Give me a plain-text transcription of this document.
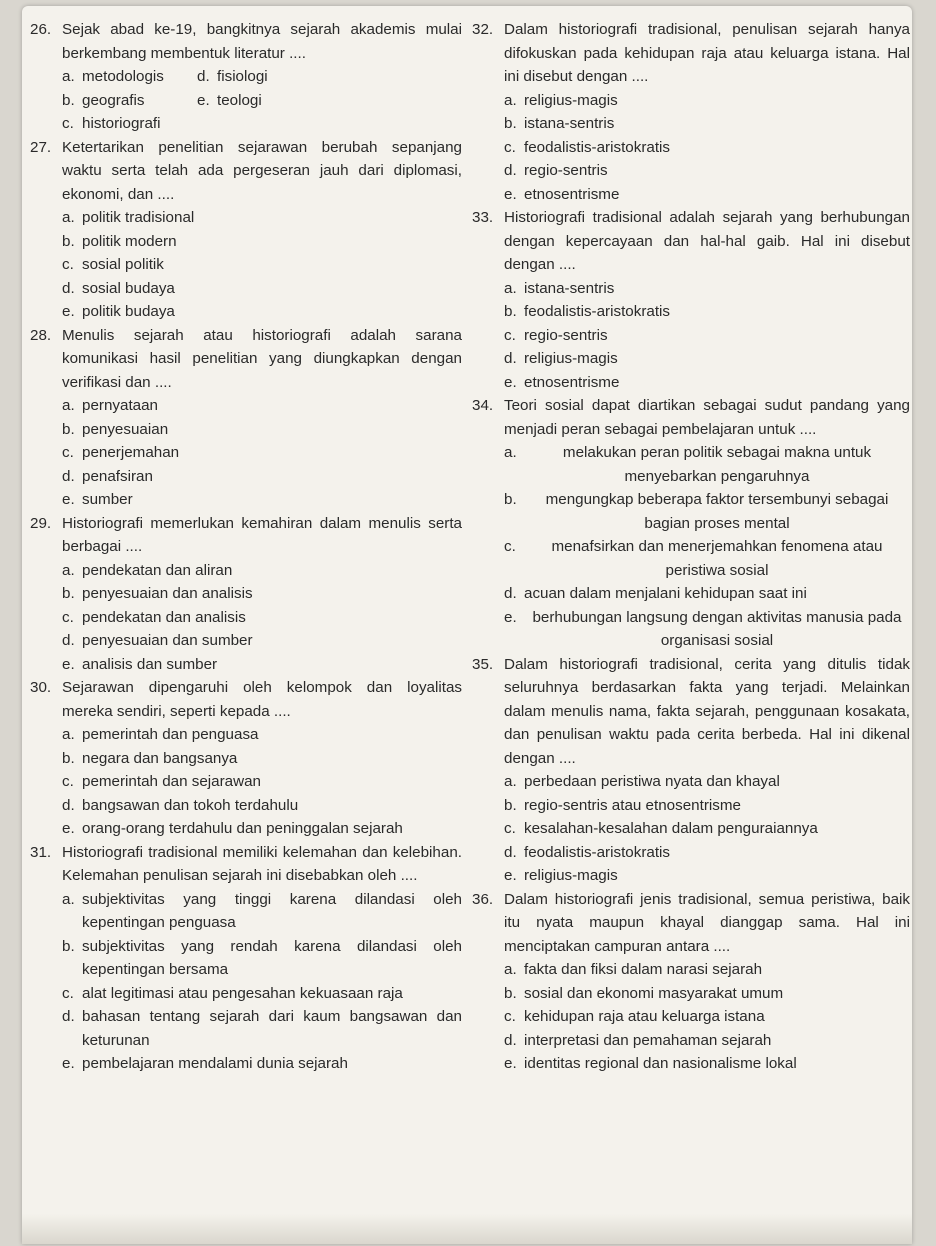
26. Sejak abad ke-19, bangkitnya sejarah akademis mulai berkembang membentuk literatur ....
a. metodologis	d. fisiologi
b. geografis	e. teologi
c. historiografi
27. Ketertarikan penelitian sejarawan berubah sepanjang waktu serta telah ada pergeseran jauh dari diplomasi, ekonomi, dan ....
a. politik tradisional
b. politik modern
c. sosial politik
d. sosial budaya
e. politik budaya
28. Menulis sejarah atau historiografi adalah sarana komunikasi hasil penelitian yang diungkapkan dengan verifikasi dan ....
a. pernyataan
b. penyesuaian
c. penerjemahan
d. penafsiran
e. sumber
29. Historiografi memerlukan kemahiran dalam menulis serta berbagai ....
a. pendekatan dan aliran
b. penyesuaian dan analisis
c. pendekatan dan analisis
d. penyesuaian dan sumber
e. analisis dan sumber
30. Sejarawan dipengaruhi oleh kelompok dan loyalitas mereka sendiri, seperti kepada ....
a. pemerintah dan penguasa
b. negara dan bangsanya
c. pemerintah dan sejarawan
d. bangsawan dan tokoh terdahulu
e. orang-orang terdahulu dan peninggalan sejarah
31. Historiografi tradisional memiliki kelemahan dan kelebihan. Kelemahan penulisan sejarah ini disebabkan oleh ....
a. subjektivitas yang tinggi karena dilandasi oleh kepentingan penguasa
b. subjektivitas yang rendah karena dilandasi oleh kepentingan bersama
c. alat legitimasi atau pengesahan kekuasaan raja
d. bahasan tentang sejarah dari kaum bangsawan dan keturunan
e. pembelajaran mendalami dunia sejarah
32. Dalam historiografi tradisional, penulisan sejarah hanya difokuskan pada kehidupan raja atau keluarga istana. Hal ini disebut dengan ....
a. religius-magis
b. istana-sentris
c. feodalistis-aristokratis
d. regio-sentris
e. etnosentrisme
33. Historiografi tradisional adalah sejarah yang berhubungan dengan kepercayaan dan hal-hal gaib. Hal ini disebut dengan ....
a. istana-sentris
b. feodalistis-aristokratis
c. regio-sentris
d. religius-magis
e. etnosentrisme
34. Teori sosial dapat diartikan sebagai sudut pandang yang menjadi peran sebagai pembelajaran untuk ....
a.	melakukan peran politik sebagai makna untuk menyebarkan pengaruhnya
b.	mengungkap beberapa faktor tersembunyi sebagai bagian proses mental
c.	menafsirkan dan menerjemahkan fenomena atau peristiwa sosial
d. acuan dalam menjalani kehidupan saat ini
e.	berhubungan langsung dengan aktivitas manusia pada organisasi sosial
35. Dalam historiografi tradisional, cerita yang ditulis tidak seluruhnya berdasarkan fakta yang terjadi. Melainkan dalam menulis nama, fakta sejarah, penggunaan kosakata, dan penulisan waktu pada cerita berbeda. Hal ini dikenal dengan ....
a. perbedaan peristiwa nyata dan khayal
b. regio-sentris atau etnosentrisme
c. kesalahan-kesalahan dalam penguraiannya
d. feodalistis-aristokratis
e. religius-magis
36. Dalam historiografi jenis tradisional, semua peristiwa, baik itu nyata maupun khayal dianggap sama. Hal ini menciptakan campuran antara ....
a. fakta dan fiksi dalam narasi sejarah
b. sosial dan ekonomi masyarakat umum
c. kehidupan raja atau keluarga istana
d. interpretasi dan pemahaman sejarah
e. identitas regional dan nasionalisme lokal
